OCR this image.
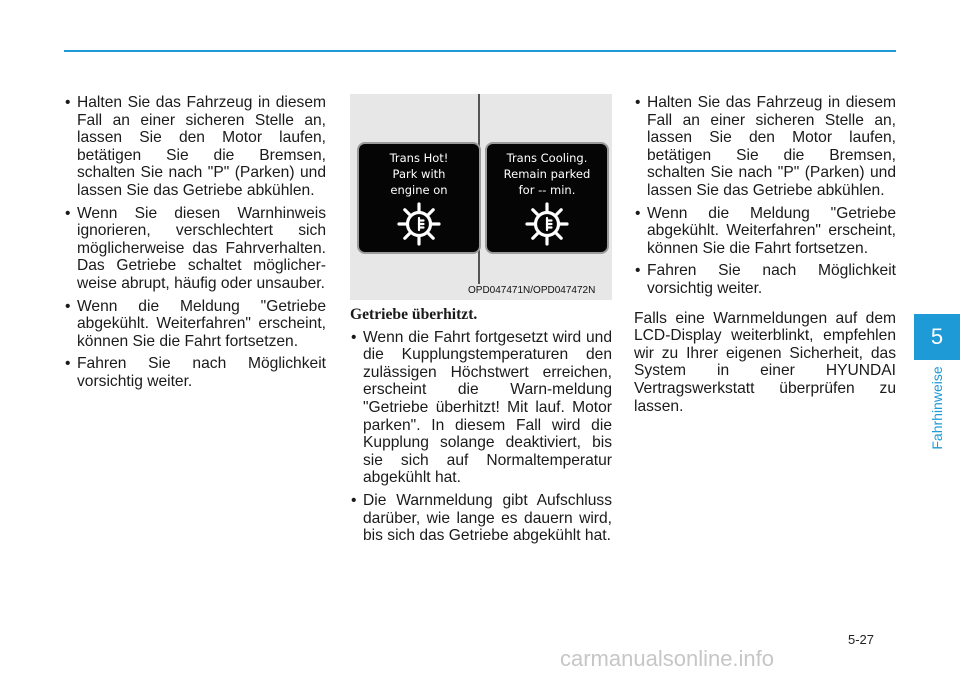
• Halten Sie das Fahrzeug in diesem Fall an einer sicheren Stelle an, lassen Sie den Motor laufen, betätigen Sie die Bremsen, schalten Sie nach "P" (Parken) und lassen Sie das Getriebe abkühlen.
• Wenn Sie diesen Warnhinweis ignorieren, verschlechtert sich möglicherweise das Fahrverhalten. Das Getriebe schaltet möglicher-weise abrupt, häufig oder unsauber.
• Wenn die Meldung "Getriebe abgekühlt. Weiterfahren" erscheint, können Sie die Fahrt fortsetzen.
• Fahren Sie nach Möglichkeit vorsichtig weiter.
Trans Hot!
Park with
engine on
Trans Cooling.
Remain parked
for -- min.
OPD047471N/OPD047472N
Getriebe überhitzt.
• Wenn die Fahrt fortgesetzt wird und die Kupplungstemperaturen den zulässigen Höchstwert erreichen, erscheint die Warn-meldung "Getriebe überhitzt! Mit lauf. Motor parken". In diesem Fall wird die Kupplung solange deaktiviert, bis sie sich auf Normaltemperatur abgekühlt hat.
• Die Warnmeldung gibt Aufschluss darüber, wie lange es dauern wird, bis sich das Getriebe abgekühlt hat.
• Halten Sie das Fahrzeug in diesem Fall an einer sicheren Stelle an, lassen Sie den Motor laufen, betätigen Sie die Bremsen, schalten Sie nach "P" (Parken) und lassen Sie das Getriebe abkühlen.
• Wenn die Meldung "Getriebe abgekühlt. Weiterfahren" erscheint, können Sie die Fahrt fortsetzen.
• Fahren Sie nach Möglichkeit vorsichtig weiter.

Falls eine Warnmeldungen auf dem LCD-Display weiterblinkt, empfehlen wir zu Ihrer eigenen Sicherheit, das System in einer HYUNDAI Vertragswerkstatt überprüfen zu lassen.

5
Fahrhinweise
5-27
carmanualsonline.info
